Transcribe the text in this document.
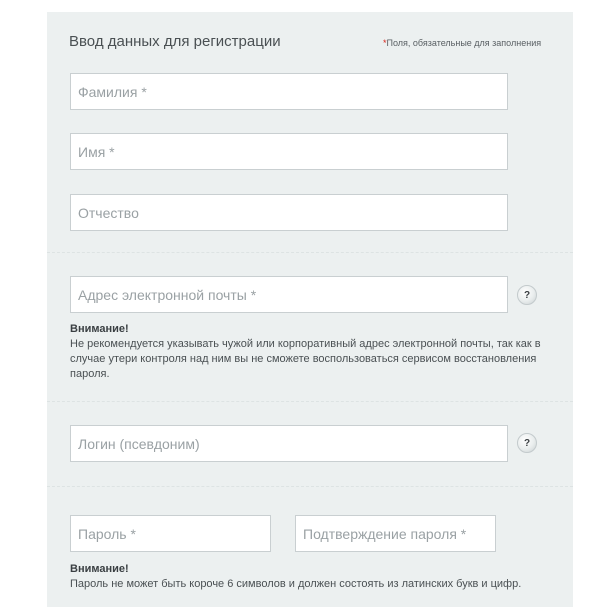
Ввод данных для регистрации	*Поля, обязательные для заполнения
Фамилия *
Имя *
Отчество
Адрес электронной почты *
?
Внимание!
Не рекомендуется указывать чужой или корпоративный адрес электронной почты, так как в случае утери контроля над ним вы не сможете воспользоваться сервисом восстановления пароля.
Логин (псевдоним)
?
Внимание!
Пароль не может быть короче 6 символов и должен состоять из латинских букв и цифр.
